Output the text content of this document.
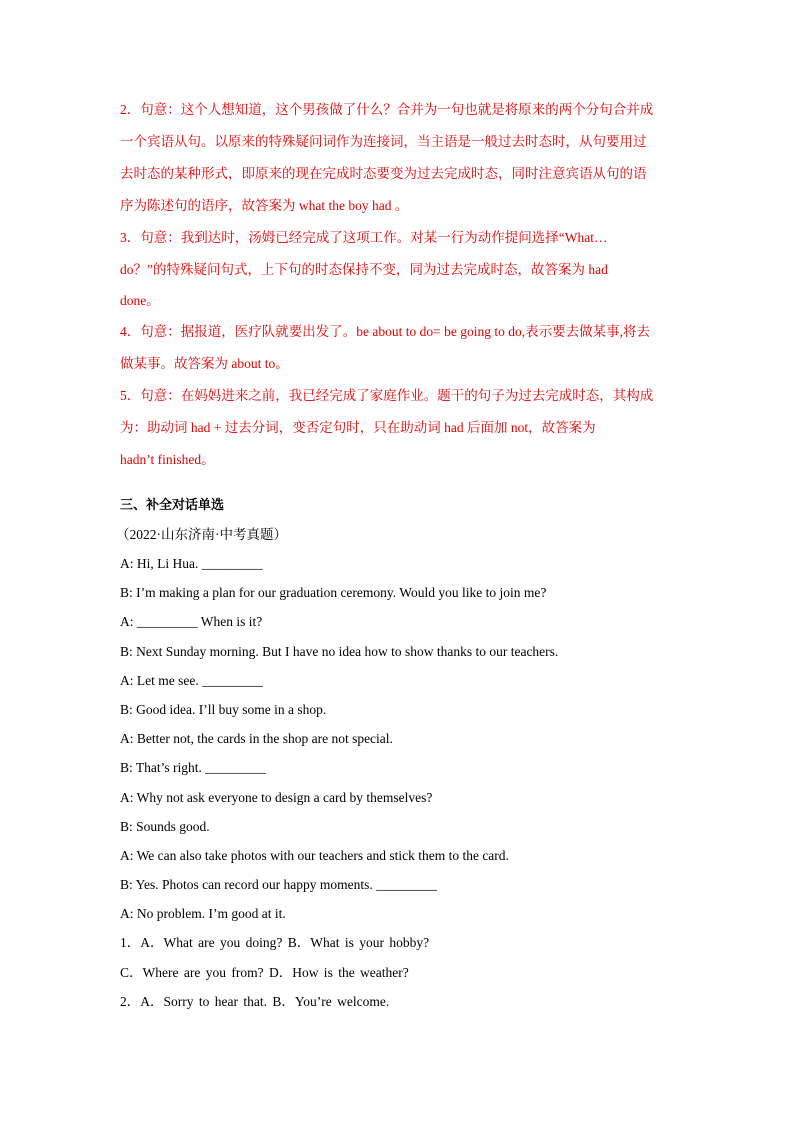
2．句意：这个人想知道，这个男孩做了什么？合并为一句也就是将原来的两个分句合并成
一个宾语从句。以原来的特殊疑问词作为连接词，当主语是一般过去时态时，从句要用过
去时态的某种形式，即原来的现在完成时态要变为过去完成时态，同时注意宾语从句的语
序为陈述句的语序，故答案为 what the boy had 。
3．句意：我到达时，汤姆已经完成了这项工作。对某一行为动作提问选择“What…
do？”的特殊疑问句式，上下句的时态保持不变，同为过去完成时态，故答案为 had
done。
4．句意：据报道，医疗队就要出发了。be about to do= be going to do,表示要去做某事,将去
做某事。故答案为 about to。
5．句意：在妈妈进来之前，我已经完成了家庭作业。题干的句子为过去完成时态，其构成
为：助动词 had + 过去分词，变否定句时，只在助动词 had 后面加 not，故答案为
hadn’t finished。
三、补全对话单选
（2022·山东济南·中考真题）
A: Hi, Li Hua. _________
B: I’m making a plan for our graduation ceremony. Would you like to join me?
A: _________ When is it?
B: Next Sunday morning. But I have no idea how to show thanks to our teachers.
A: Let me see. _________
B: Good idea. I’ll buy some in a shop.
A: Better not, the cards in the shop are not special.
B: That’s right. _________
A: Why not ask everyone to design a card by themselves?
B: Sounds good.
A: We can also take photos with our teachers and stick them to the card.
B: Yes. Photos can record our happy moments. _________
A: No problem. I’m good at it.
1．A．What are you doing? B．What is your hobby?
C．Where are you from? D．How is the weather?
2．A．Sorry to hear that. B．You’re welcome.
